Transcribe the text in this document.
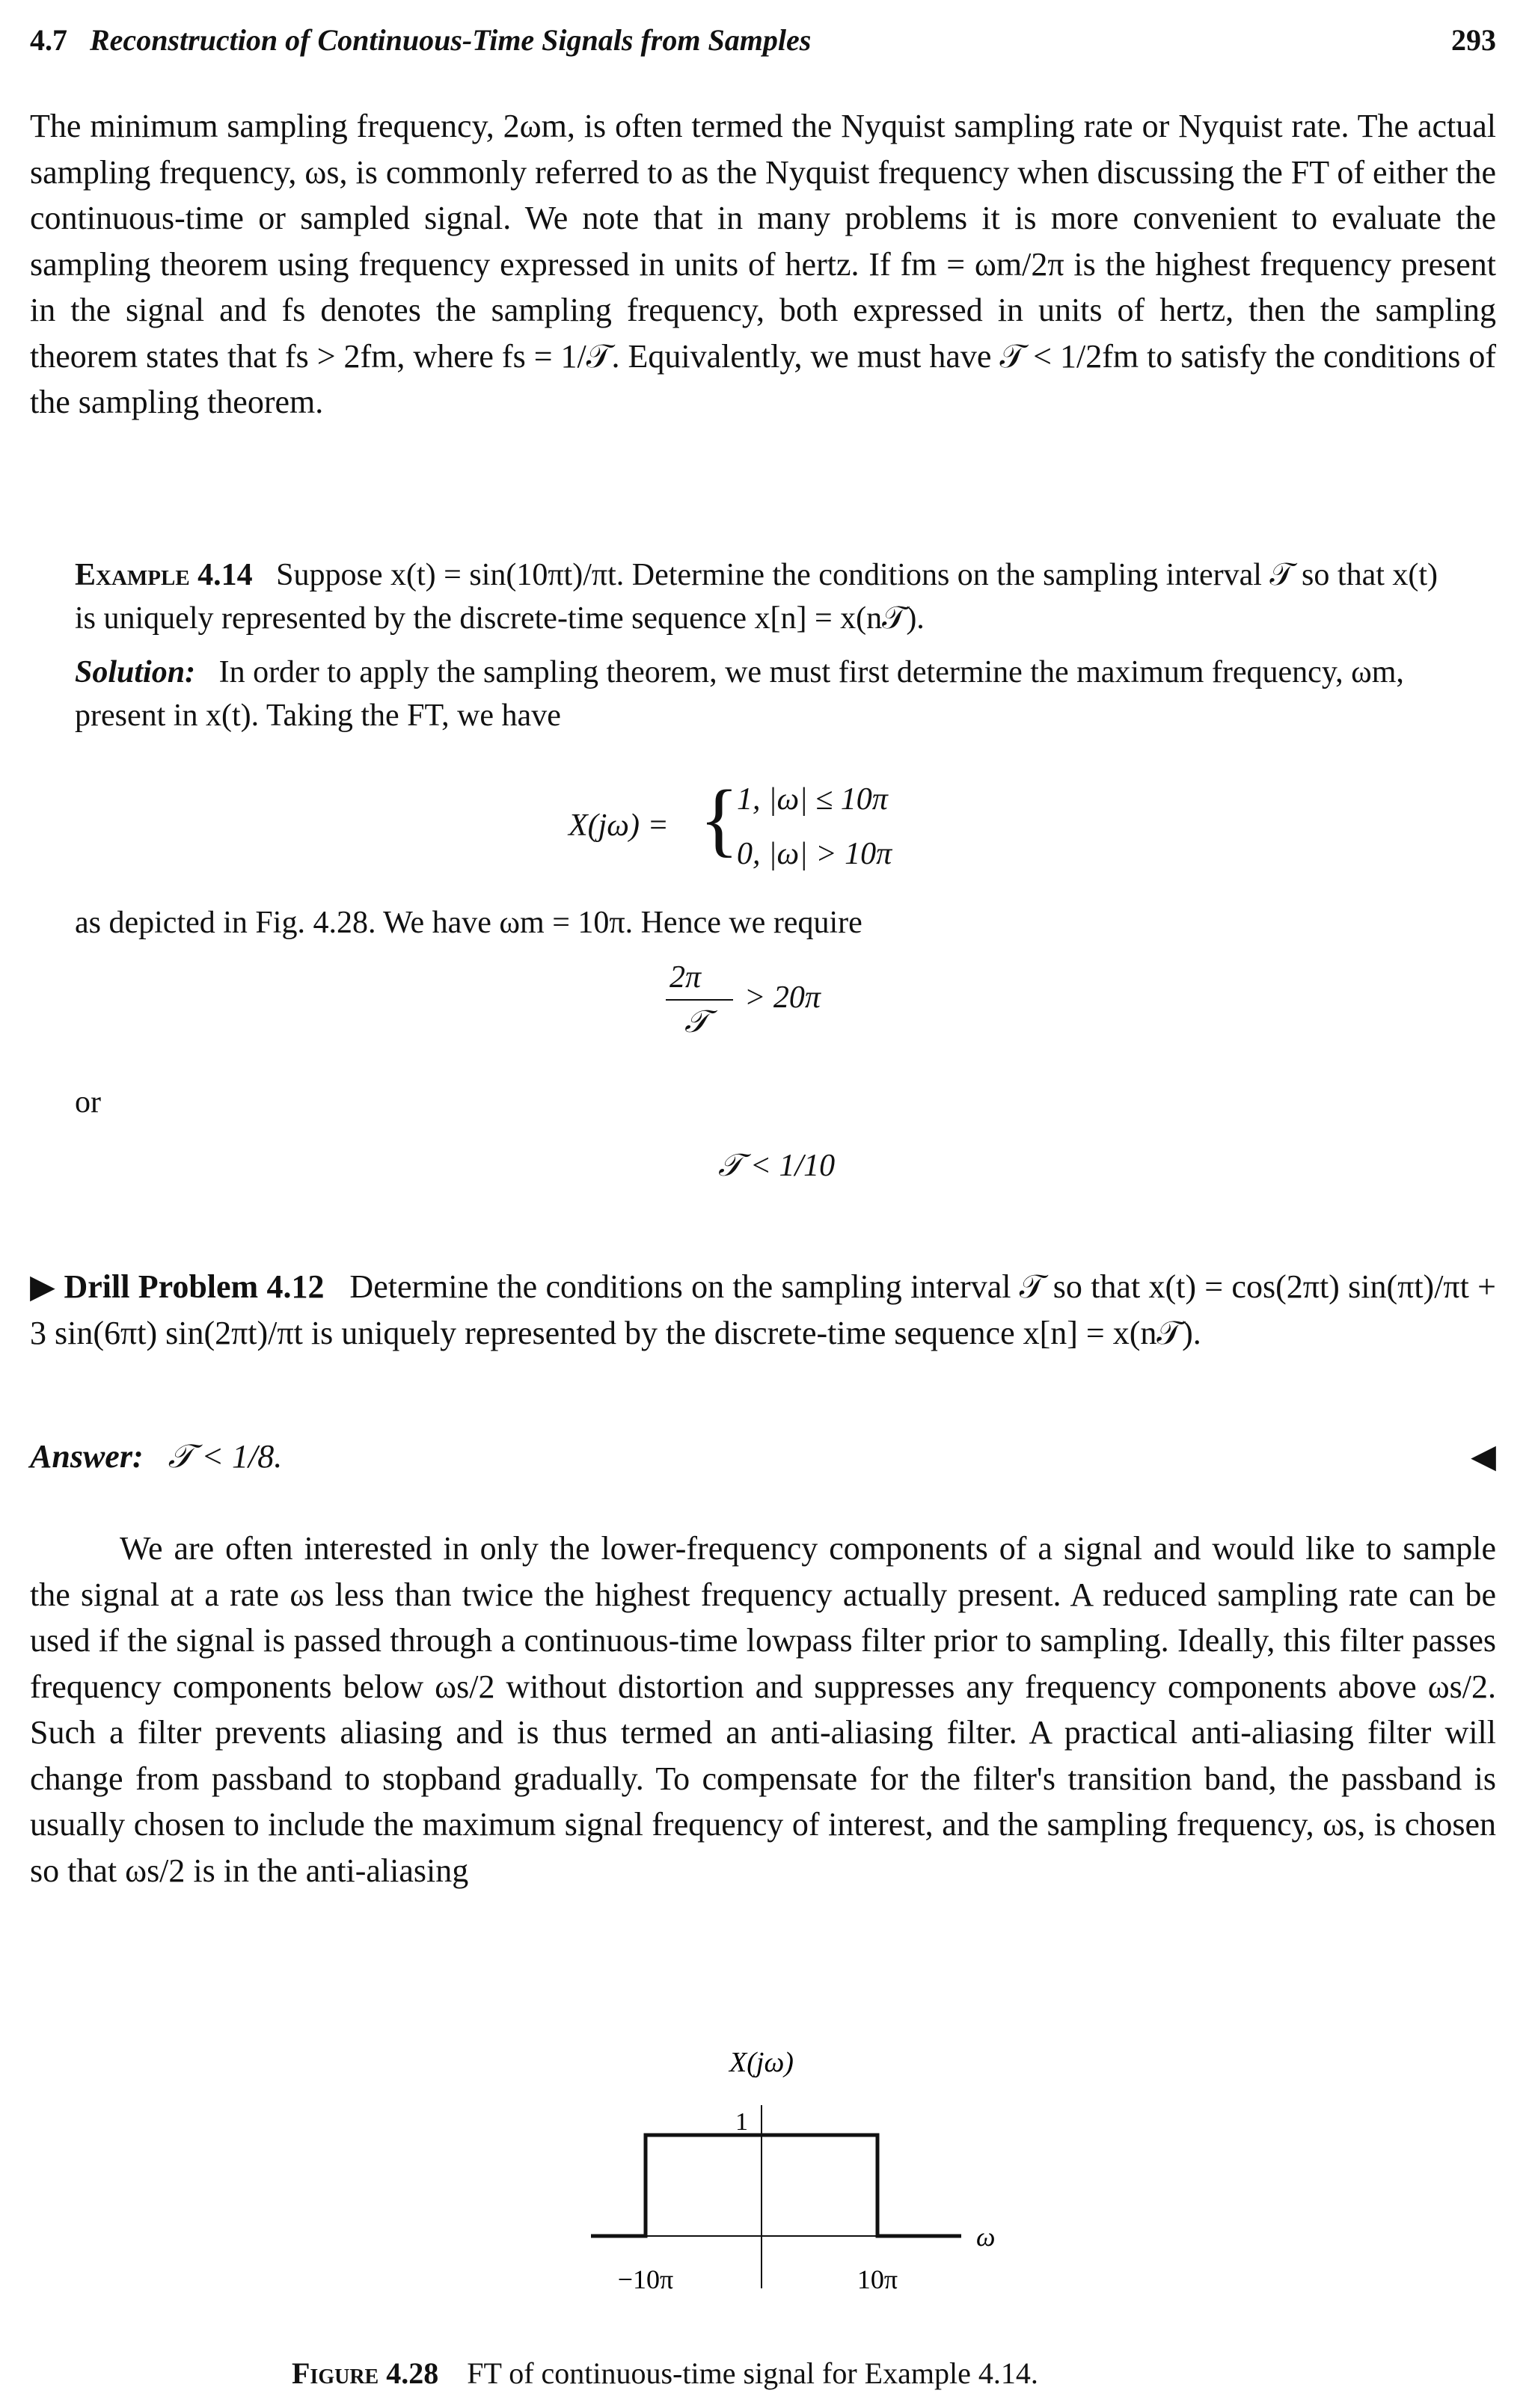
4.7 Reconstruction of Continuous-Time Signals from Samples	293

The minimum sampling frequency, 2ωm, is often termed the Nyquist sampling rate or Nyquist rate. The actual sampling frequency, ωs, is commonly referred to as the Nyquist frequency when discussing the FT of either the continuous-time or sampled signal. We note that in many problems it is more convenient to evaluate the sampling theorem using frequency expressed in units of hertz. If fm = ωm/2π is the highest frequency present in the signal and fs denotes the sampling frequency, both expressed in units of hertz, then the sampling theorem states that fs > 2fm, where fs = 1/𝒯. Equivalently, we must have 𝒯 < 1/2fm to satisfy the conditions of the sampling theorem.

Example 4.14 Suppose x(t) = sin(10πt)/πt. Determine the conditions on the sampling interval 𝒯 so that x(t) is uniquely represented by the discrete-time sequence x[n] = x(n𝒯).

Solution: In order to apply the sampling theorem, we must first determine the maximum frequency, ωm, present in x(t). Taking the FT, we have

X(jω) = {
1, |ω| ≤ 10π
0, |ω| > 10π
as depicted in Fig. 4.28. We have ωm = 10π. Hence we require
2π
𝒯
> 20π
or
𝒯 < 1/10

▶ Drill Problem 4.12 Determine the conditions on the sampling interval 𝒯 so that x(t) = cos(2πt) sin(πt)/πt + 3 sin(6πt) sin(2πt)/πt is uniquely represented by the discrete-time sequence x[n] = x(n𝒯).

Answer: 𝒯 < 1/8.	◀

We are often interested in only the lower-frequency components of a signal and would like to sample the signal at a rate ωs less than twice the highest frequency actually present. A reduced sampling rate can be used if the signal is passed through a continuous-time lowpass filter prior to sampling. Ideally, this filter passes frequency components below ωs/2 without distortion and suppresses any frequency components above ωs/2. Such a filter prevents aliasing and is thus termed an anti-aliasing filter. A practical anti-aliasing filter will change from passband to stopband gradually. To compensate for the filter's transition band, the passband is usually chosen to include the maximum signal frequency of interest, and the sampling frequency, ωs, is chosen so that ωs/2 is in the anti-aliasing

X(jω)
1
ω
−10π	10π
Figure 4.28 FT of continuous-time signal for Example 4.14.
